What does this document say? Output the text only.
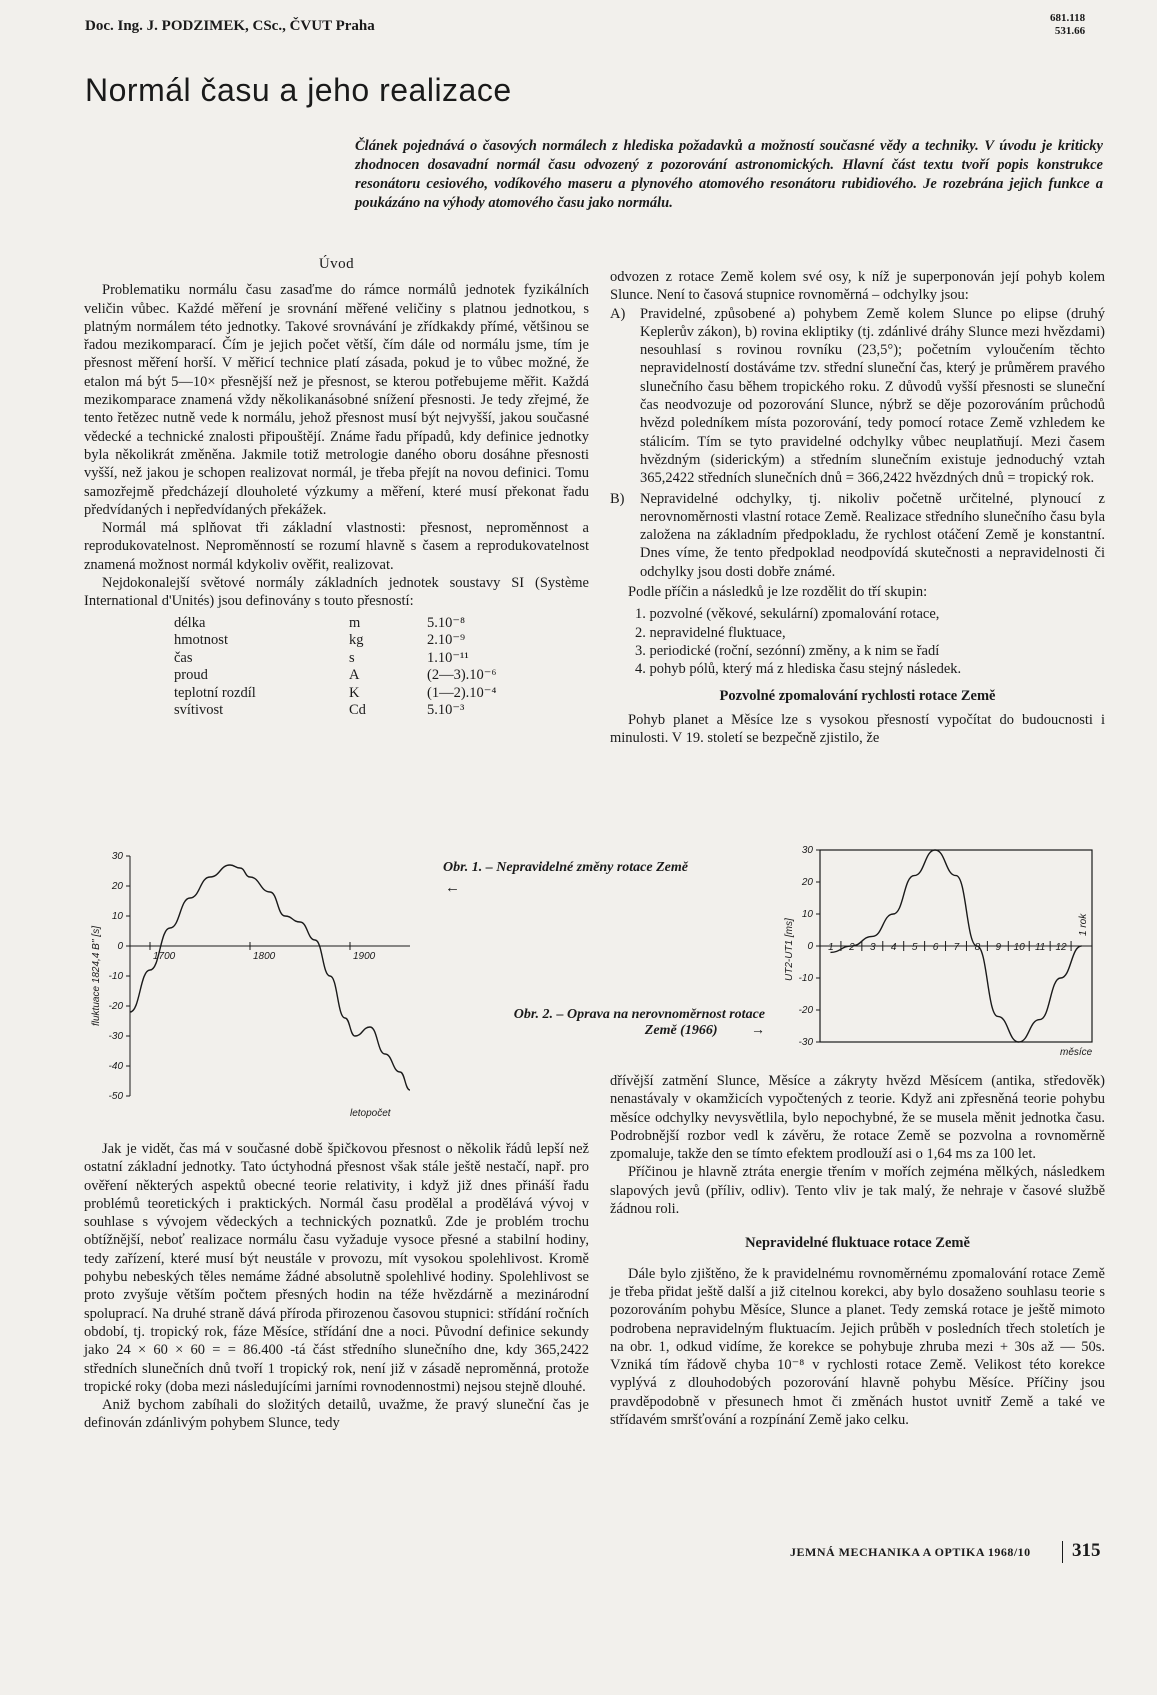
Doc. Ing. J. PODZIMEK, CSc., ČVUT Praha	681.118
531.66
Normál času a jeho realizace
Článek pojednává o časových normálech z hlediska požadavků a možností současné vědy a techniky. V úvodu je kriticky zhodnocen dosavadní normál času odvozený z pozorování astronomických. Hlavní část textu tvoří popis konstrukce resonátoru cesiového, vodíkového maseru a plynového atomového resonátoru rubidiového. Je rozebrána jejich funkce a poukázáno na výhody atomového času jako normálu.
Úvod

Problematiku normálu času zasaďme do rámce normálů jednotek fyzikálních veličin vůbec. Každé měření je srovnání měřené veličiny s platnou jednotkou, s platným normálem této jednotky. Takové srovnávání je zřídkakdy přímé, většinou se řadou mezikomparací. Čím je jejich počet větší, čím dále od normálu jsme, tím je přesnost měření horší. V měřicí technice platí zásada, pokud je to vůbec možné, že etalon má být 5—10× přesnější než je přesnost, se kterou potřebujeme měřit. Každá mezikomparace znamená vždy několikanásobné snížení přesnosti. Je tedy zřejmé, že tento řetězec nutně vede k normálu, jehož přesnost musí být nejvyšší, jakou současné vědecké a technické znalosti připouštějí. Známe řadu případů, kdy definice jednotky byla několikrát změněna. Jakmile totiž metrologie daného oboru dosáhne přesnosti vyšší, než jakou je schopen realizovat normál, je třeba přejít na novou definici. Tomu samozřejmě předcházejí dlouholeté výzkumy a měření, které musí překonat řadu předvídaných i nepředvídaných překážek.

Normál má splňovat tři základní vlastnosti: přesnost, neproměnnost a reprodukovatelnost. Neproměnností se rozumí hlavně s časem a reprodukovatelnost znamená možnost normál kdykoliv ověřit, realizovat.

Nejdokonalejší světové normály základních jednotek soustavy SI (Système International d'Unités) jsou definovány s touto přesností:

délka	m	5.10⁻⁸
hmotnost	kg	2.10⁻⁹
čas	s	1.10⁻¹¹
proud	A	(2—3).10⁻⁶
teplotní rozdíl	K	(1—2).10⁻⁴
svítivost	Cd	5.10⁻³

odvozen z rotace Země kolem své osy, k níž je superponován její pohyb kolem Slunce. Není to časová stupnice rovnoměrná – odchylky jsou:

A) Pravidelné, způsobené a) pohybem Země kolem Slunce po elipse (druhý Keplerův zákon), b) rovina ekliptiky (tj. zdánlivé dráhy Slunce mezi hvězdami) nesouhlasí s rovinou rovníku (23,5°); početním vyloučením těchto nepravidelností dostáváme tzv. střední sluneční čas, který je průměrem pravého slunečního času během tropického roku. Z důvodů vyšší přesnosti se sluneční čas neodvozuje od pozorování Slunce, nýbrž se děje pozorováním průchodů hvězd poledníkem místa pozorování, tedy pomocí rotace Země vzhledem ke stálicím. Tím se tyto pravidelné odchylky vůbec neuplatňují. Mezi časem hvězdným (siderickým) a středním slunečním existuje jednoduchý vztah 365,2422 středních slunečních dnů = 366,2422 hvězdných dnů = tropický rok.
B) Nepravidelné odchylky, tj. nikoliv početně určitelné, plynoucí z nerovnoměrnosti vlastní rotace Země. Realizace středního slunečního času byla založena na základním předpokladu, že rychlost otáčení Země je konstantní. Dnes víme, že tento předpoklad neodpovídá skutečnosti a nepravidelnosti či odchylky jsou dosti dobře známé.

Podle příčin a následků je lze rozdělit do tří skupin:

1. pozvolné (věkové, sekulární) zpomalování rotace,
2. nepravidelné fluktuace,
3. periodické (roční, sezónní) změny, a k nim se řadí
4. pohyb pólů, který má z hlediska času stejný následek.
Pozvolné zpomalování rychlosti rotace Země

Pohyb planet a Měsíce lze s vysokou přesností vypočítat do budoucnosti i minulosti. V 19. století se bezpečně zjistilo, že

30
20
10
0
-10
-20
-30
-40
-50
1700	1800	1900
fluktuace 1824,4 B'' [s]
letopočet
Obr. 1. – Nepravidelné změny rotace Země
←
Obr. 2. – Oprava na nerovnoměrnost rotace
Země (1966) →
30
20
10
0
-10
-20
-30
1 2 3 4 5 6 7 8 9 10 11 12
UT2-UT1 [ms]	1 rok
měsíce

Jak je vidět, čas má v současné době špičkovou přesnost o několik řádů lepší než ostatní základní jednotky. Tato úctyhodná přesnost však stále ještě nestačí, např. pro ověření některých aspektů obecné teorie relativity, i když již dnes přináší řadu problémů teoretických i praktických. Normál času prodělal a prodělává vývoj v souhlase s vývojem vědeckých a technických poznatků. Zde je problém trochu obtížnější, neboť realizace normálu času vyžaduje vysoce přesné a stabilní hodiny, tedy zařízení, které musí být neustále v provozu, mít vysokou spolehlivost. Kromě pohybu nebeských těles nemáme žádné absolutně spolehlivé hodiny. Spolehlivost se proto zvyšuje větším počtem přesných hodin na téže hvězdárně a mezinárodní spoluprací. Na druhé straně dává příroda přirozenou časovou stupnici: střídání ročních období, tj. tropický rok, fáze Měsíce, střídání dne a noci. Původní definice sekundy jako 24 × 60 × 60 = = 86.400 -tá část středního slunečního dne, kdy 365,2422 středních slunečních dnů tvoří 1 tropický rok, není již v zásadě neproměnná, protože tropické roky (doba mezi následujícími jarními rovnodennostmi) nejsou stejně dlouhé.

Aniž bychom zabíhali do složitých detailů, uvažme, že pravý sluneční čas je definován zdánlivým pohybem Slunce, tedy

dřívější zatmění Slunce, Měsíce a zákryty hvězd Měsícem (antika, středověk) nenastávaly v okamžicích vypočtených z teorie. Když ani zpřesněná teorie pohybu měsíce odchylky nevysvětlila, bylo nepochybné, že se musela měnit jednotka času. Podrobnější rozbor vedl k závěru, že rotace Země se pozvolna a rovnoměrně zpomaluje, takže den se tímto efektem prodlouží asi o 1,64 ms za 100 let.

Příčinou je hlavně ztráta energie třením v mořích zejména mělkých, následkem slapových jevů (příliv, odliv). Tento vliv je tak malý, že nehraje v časové službě žádnou roli.

Nepravidelné fluktuace rotace Země

Dále bylo zjištěno, že k pravidelnému rovnoměrnému zpomalování rotace Země je třeba přidat ještě další a již citelnou korekci, aby bylo dosaženo souhlasu teorie s pozorováním pohybu Měsíce, Slunce a planet. Tedy zemská rotace je ještě mimoto podrobena nepravidelným fluktuacím. Jejich průběh v posledních třech stoletích je na obr. 1, odkud vidíme, že korekce se pohybuje zhruba mezi + 30s až — 50s. Vzniká tím řádově chyba 10⁻⁸ v rychlosti rotace Země. Velikost této korekce vyplývá z dlouhodobých pozorování hlavně pohybu Měsíce. Příčiny jsou pravděpodobně v přesunech hmot či změnách hustot uvnitř Země a také ve střídavém smršťování a rozpínání Země jako celku.

JEMNÁ MECHANIKA A OPTIKA 1968/10 315
